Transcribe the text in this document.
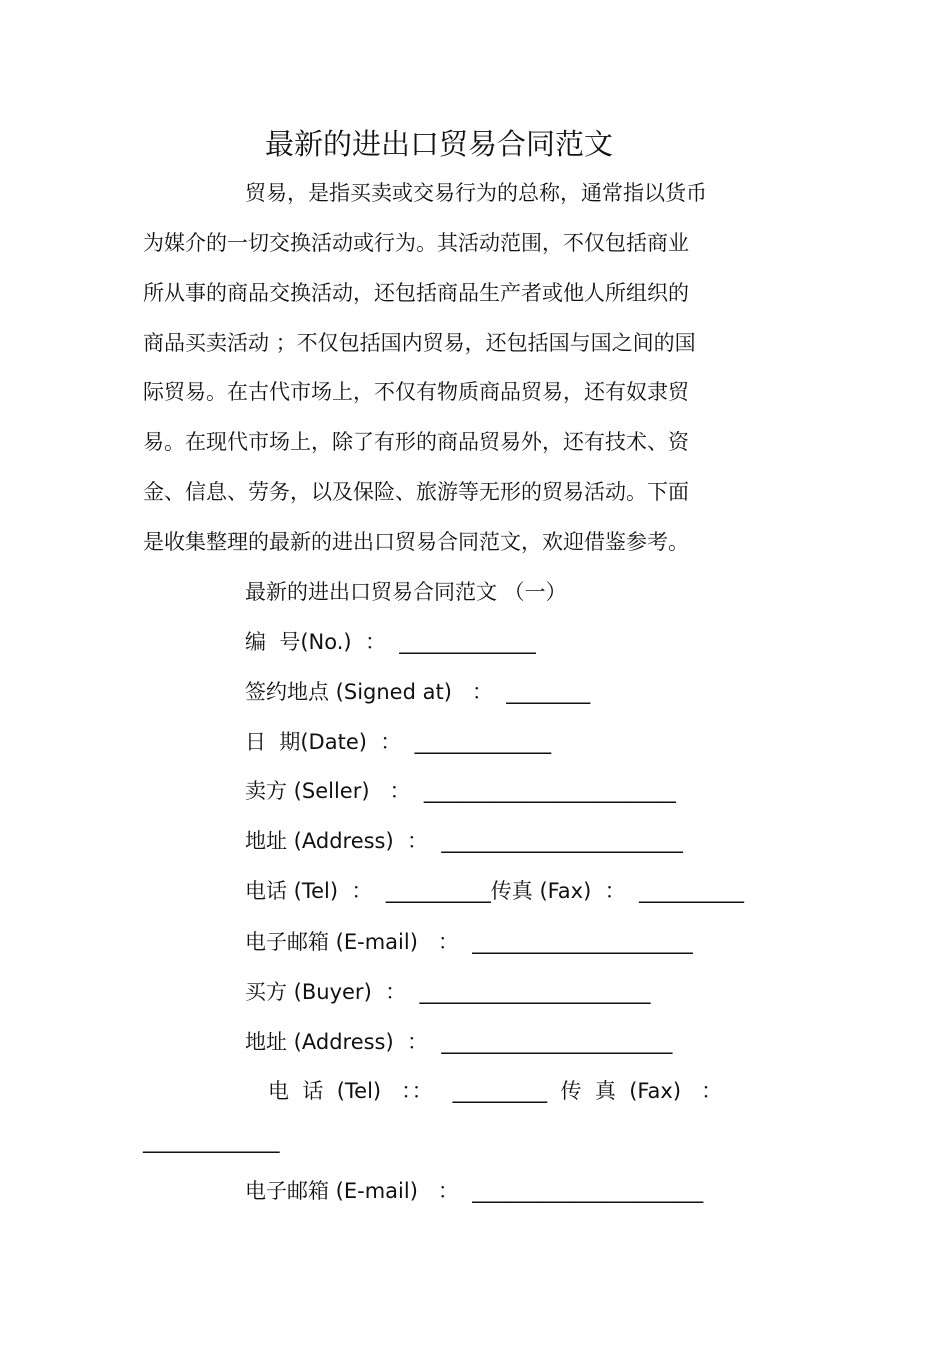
最新的进出口贸易合同范文
贸易，是指买卖或交易行为的总称，通常指以货币
为媒介的一切交换活动或行为。其活动范围，不仅包括商业
所从事的商品交换活动，还包括商品生产者或他人所组织的
商品买卖活动 ；不仅包括国内贸易，还包括国与国之间的国
际贸易。在古代市场上，不仅有物质商品贸易，还有奴隶贸
易。在现代市场上，除了有形的商品贸易外，还有技术、资
金、信息、劳务，以及保险、旅游等无形的贸易活动。下面
是收集整理的最新的进出口贸易合同范文，欢迎借鉴参考。
最新的进出口贸易合同范文 （一）
编  号(No.)  ：  _____________
签约地点 (Signed at)   ：  ________
日  期(Date)  ：  _____________
卖方 (Seller)   ：  ________________________
地址 (Address)  ：  _______________________
电话 (Tel)  ：  __________传真 (Fax)  ：  __________
电子邮箱 (E-mail)   ：  _____________________
买方 (Buyer)  ：  ______________________
地址 (Address)  ：  ______________________
电  话  (Tel)   ：：   _________  传  真  (Fax)   ：
_____________
电子邮箱 (E-mail)   ：  ______________________
